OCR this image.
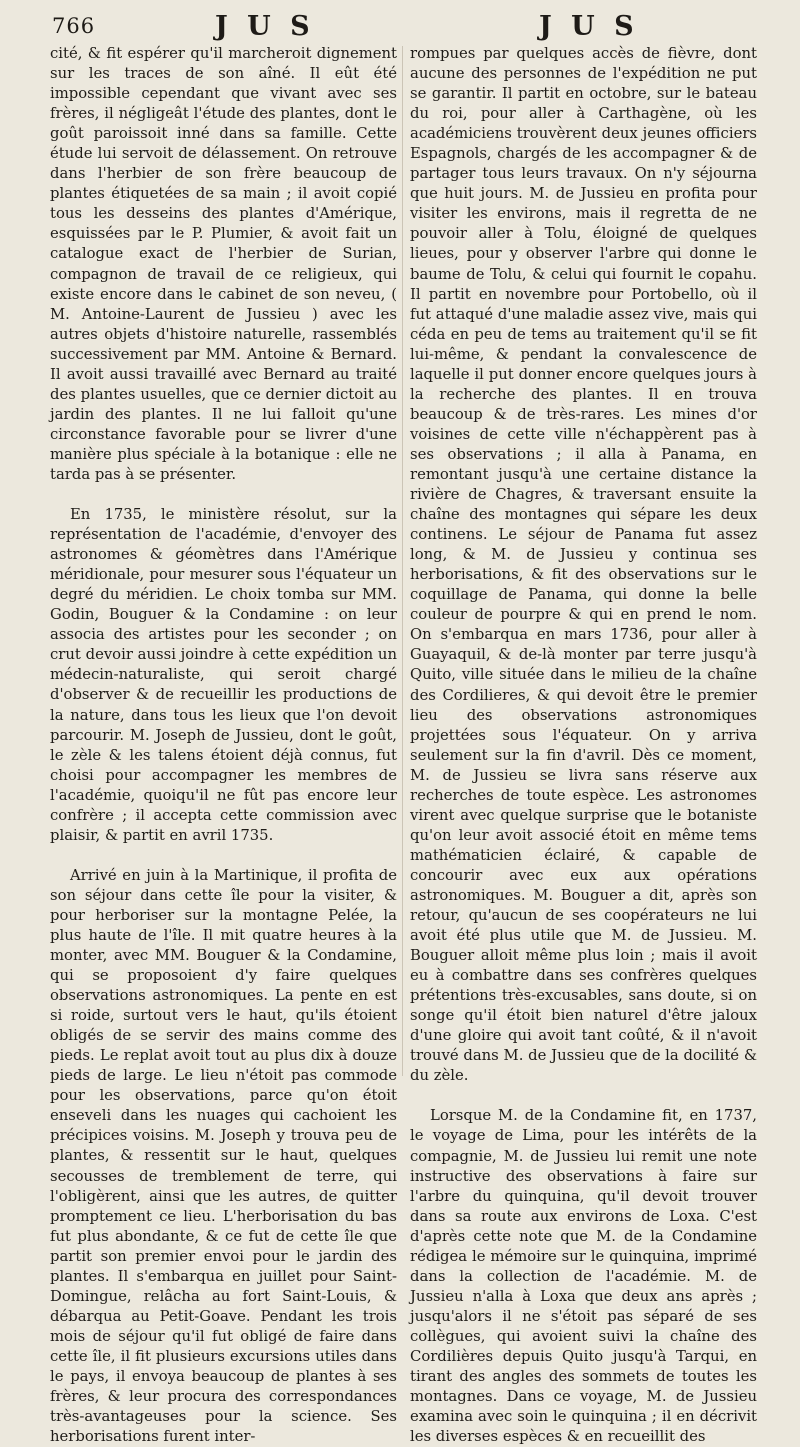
766	J U S	J U S

cité, & fit espérer qu'il marcheroit dignement sur les traces de son aîné. Il eût été impossible cependant que vivant avec ses frères, il négligeât l'étude des plantes, dont le goût paroissoit inné dans sa famille. Cette étude lui servoit de délassement. On retrouve dans l'herbier de son frère beaucoup de plantes étiquetées de sa main ; il avoit copié tous les desseins des plantes d'Amérique, esquissées par le P. Plumier, & avoit fait un catalogue exact de l'herbier de Surian, compagnon de travail de ce religieux, qui existe encore dans le cabinet de son neveu, ( M. Antoine-Laurent de Jussieu ) avec les autres objets d'histoire naturelle, rassemblés successivement par MM. Antoine & Bernard. Il avoit aussi travaillé avec Bernard au traité des plantes usuelles, que ce dernier dictoit au jardin des plantes. Il ne lui falloit qu'une circonstance favorable pour se livrer d'une manière plus spéciale à la botanique : elle ne tarda pas à se présenter.

En 1735, le ministère résolut, sur la représentation de l'académie, d'envoyer des astronomes & géomètres dans l'Amérique méridionale, pour mesurer sous l'équateur un degré du méridien. Le choix tomba sur MM. Godin, Bouguer & la Condamine : on leur associa des artistes pour les seconder ; on crut devoir aussi joindre à cette expédition un médecin-naturaliste, qui seroit chargé d'observer & de recueillir les productions de la nature, dans tous les lieux que l'on devoit parcourir. M. Joseph de Jussieu, dont le goût, le zèle & les talens étoient déjà connus, fut choisi pour accompagner les membres de l'académie, quoiqu'il ne fût pas encore leur confrère ; il accepta cette commission avec plaisir, & partit en avril 1735.

Arrivé en juin à la Martinique, il profita de son séjour dans cette île pour la visiter, & pour herboriser sur la montagne Pelée, la plus haute de l'île. Il mit quatre heures à la monter, avec MM. Bouguer & la Condamine, qui se proposoient d'y faire quelques observations astronomiques. La pente en est si roide, surtout vers le haut, qu'ils étoient obligés de se servir des mains comme des pieds. Le replat avoit tout au plus dix à douze pieds de large. Le lieu n'étoit pas commode pour les observations, parce qu'on étoit enseveli dans les nuages qui cachoient les précipices voisins. M. Joseph y trouva peu de plantes, & ressentit sur le haut, quelques secousses de tremblement de terre, qui l'obligèrent, ainsi que les autres, de quitter promptement ce lieu. L'herborisation du bas fut plus abondante, & ce fut de cette île que partit son premier envoi pour le jardin des plantes. Il s'embarqua en juillet pour Saint-Domingue, relâcha au fort Saint-Louis, & débarqua au Petit-Goave. Pendant les trois mois de séjour qu'il fut obligé de faire dans cette île, il fit plusieurs excursions utiles dans le pays, il envoya beaucoup de plantes à ses frères, & leur procura des correspondances très-avantageuses pour la science. Ses herborisations furent inter-

rompues par quelques accès de fièvre, dont aucune des personnes de l'expédition ne put se garantir. Il partit en octobre, sur le bateau du roi, pour aller à Carthagène, où les académiciens trouvèrent deux jeunes officiers Espagnols, chargés de les accompagner & de partager tous leurs travaux. On n'y séjourna que huit jours. M. de Jussieu en profita pour visiter les environs, mais il regretta de ne pouvoir aller à Tolu, éloigné de quelques lieues, pour y observer l'arbre qui donne le baume de Tolu, & celui qui fournit le copahu. Il partit en novembre pour Portobello, où il fut attaqué d'une maladie assez vive, mais qui céda en peu de tems au traitement qu'il se fit lui-même, & pendant la convalescence de laquelle il put donner encore quelques jours à la recherche des plantes. Il en trouva beaucoup & de très-rares. Les mines d'or voisines de cette ville n'échappèrent pas à ses observations ; il alla à Panama, en remontant jusqu'à une certaine distance la rivière de Chagres, & traversant ensuite la chaîne des montagnes qui sépare les deux continens. Le séjour de Panama fut assez long, & M. de Jussieu y continua ses herborisations, & fit des observations sur le coquillage de Panama, qui donne la belle couleur de pourpre & qui en prend le nom. On s'embarqua en mars 1736, pour aller à Guayaquil, & de-là monter par terre jusqu'à Quito, ville située dans le milieu de la chaîne des Cordilieres, & qui devoit être le premier lieu des observations astronomiques projettées sous l'équateur. On y arriva seulement sur la fin d'avril. Dès ce moment, M. de Jussieu se livra sans réserve aux recherches de toute espèce. Les astronomes virent avec quelque surprise que le botaniste qu'on leur avoit associé étoit en même tems mathématicien éclairé, & capable de concourir avec eux aux opérations astronomiques. M. Bouguer a dit, après son retour, qu'aucun de ses coopérateurs ne lui avoit été plus utile que M. de Jussieu. M. Bouguer alloit même plus loin ; mais il avoit eu à combattre dans ses confrères quelques prétentions très-excusables, sans doute, si on songe qu'il étoit bien naturel d'être jaloux d'une gloire qui avoit tant coûté, & il n'avoit trouvé dans M. de Jussieu que de la docilité & du zèle.

Lorsque M. de la Condamine fit, en 1737, le voyage de Lima, pour les intérêts de la compagnie, M. de Jussieu lui remit une note instructive des observations à faire sur l'arbre du quinquina, qu'il devoit trouver dans sa route aux environs de Loxa. C'est d'après cette note que M. de la Condamine rédigea le mémoire sur le quinquina, imprimé dans la collection de l'académie. M. de Jussieu n'alla à Loxa que deux ans après ; jusqu'alors il ne s'étoit pas séparé de ses collègues, qui avoient suivi la chaîne des Cordilières depuis Quito jusqu'à Tarqui, en tirant des angles des sommets de toutes les montagnes. Dans ce voyage, M. de Jussieu examina avec soin le quinquina ; il en décrivit les diverses espèces & en recueillit des
